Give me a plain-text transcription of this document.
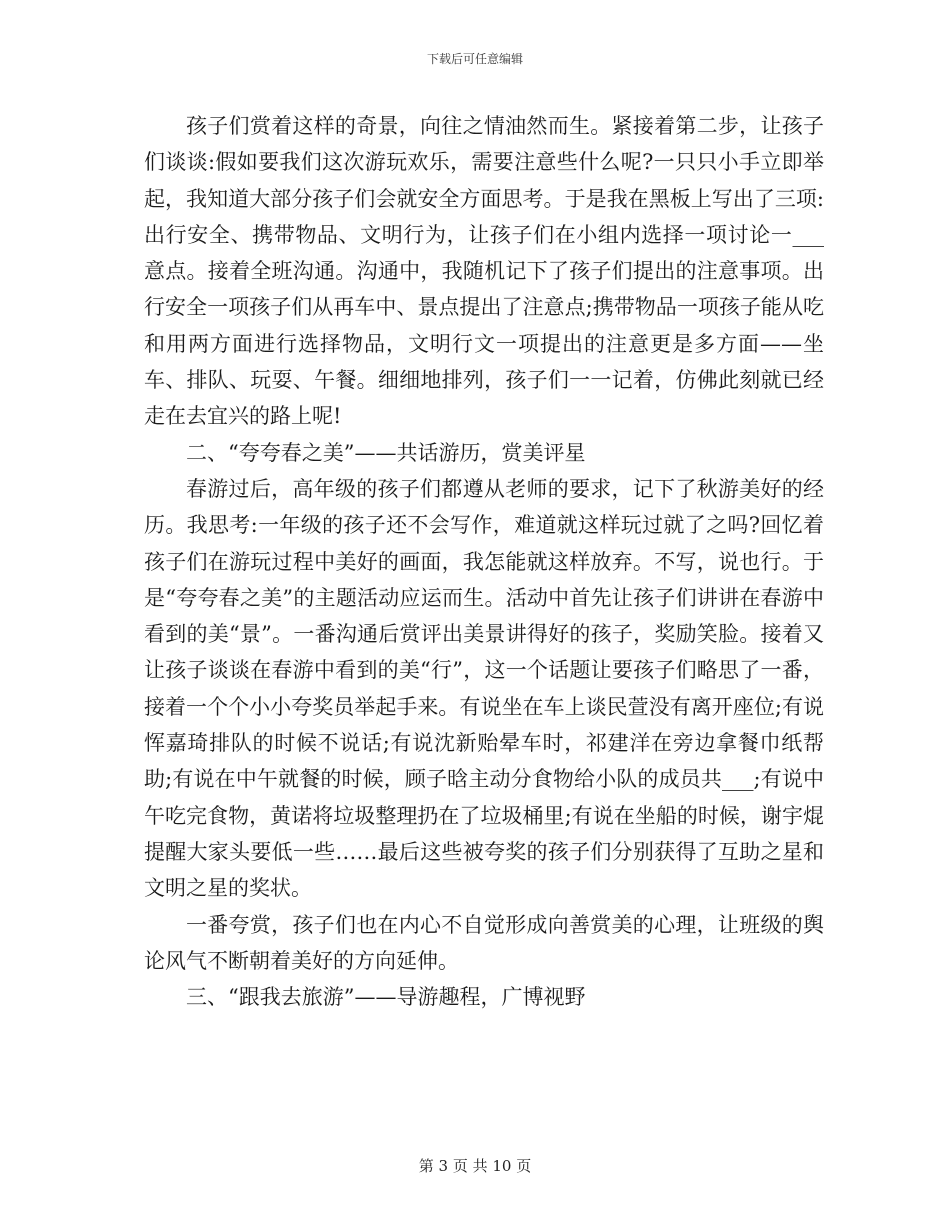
下载后可任意编辑

孩子们赏着这样的奇景，向往之情油然而生。紧接着第二步，让孩子们谈谈:假如要我们这次游玩欢乐，需要注意些什么呢?一只只小手立即举起，我知道大部分孩子们会就安全方面思考。于是我在黑板上写出了三项:出行安全、携带物品、文明行为，让孩子们在小组内选择一项讨论一___意点。接着全班沟通。沟通中，我随机记下了孩子们提出的注意事项。出行安全一项孩子们从再车中、景点提出了注意点;携带物品一项孩子能从吃和用两方面进行选择物品，文明行文一项提出的注意更是多方面——坐车、排队、玩耍、午餐。细细地排列，孩子们一一记着，仿佛此刻就已经走在去宜兴的路上呢!

二、“夸夸春之美”——共话游历，赏美评星

春游过后，高年级的孩子们都遵从老师的要求，记下了秋游美好的经历。我思考:一年级的孩子还不会写作，难道就这样玩过就了之吗?回忆着孩子们在游玩过程中美好的画面，我怎能就这样放弃。不写，说也行。于是“夸夸春之美”的主题活动应运而生。活动中首先让孩子们讲讲在春游中看到的美“景”。一番沟通后赏评出美景讲得好的孩子，奖励笑脸。接着又让孩子谈谈在春游中看到的美“行”，这一个话题让要孩子们略思了一番，接着一个个小小夸奖员举起手来。有说坐在车上谈民萱没有离开座位;有说恽嘉琦排队的时候不说话;有说沈新贻晕车时，祁建洋在旁边拿餐巾纸帮助;有说在中午就餐的时候，顾子晗主动分食物给小队的成员共___;有说中午吃完食物，黄诺将垃圾整理扔在了垃圾桶里;有说在坐船的时候，谢宇焜提醒大家头要低一些……最后这些被夸奖的孩子们分别获得了互助之星和文明之星的奖状。

一番夸赏，孩子们也在内心不自觉形成向善赏美的心理，让班级的舆论风气不断朝着美好的方向延伸。

三、“跟我去旅游”——导游趣程，广博视野

第 3 页 共 10 页
